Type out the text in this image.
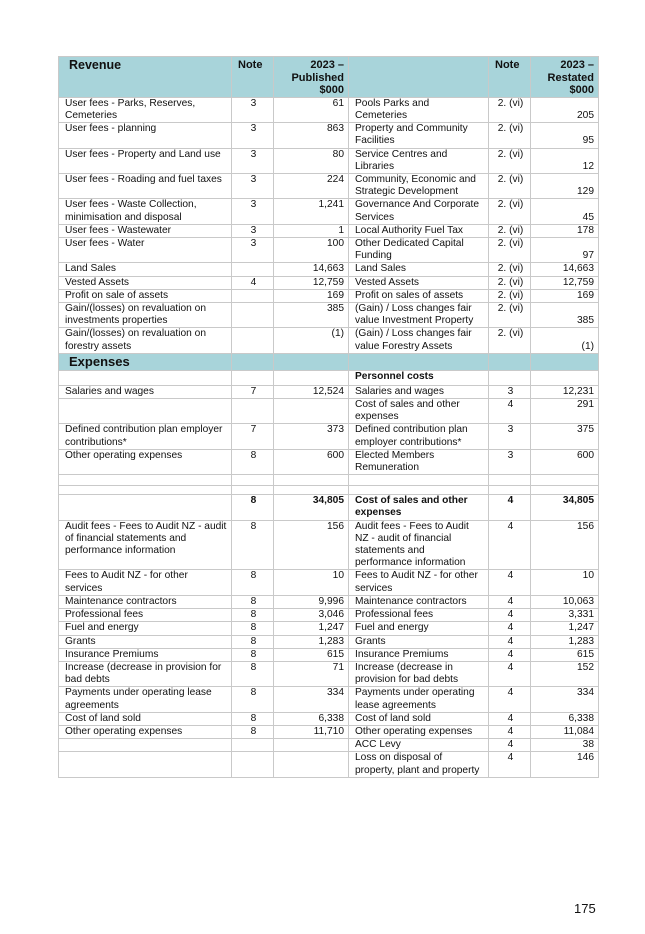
Revenue	Note	2023 – Published $000		Note	2023 – Restated $000
User fees - Parks, Reserves, Cemeteries	3	61	Pools Parks and Cemeteries	2. (vi)	205
User fees - planning	3	863	Property and Community Facilities	2. (vi)	95
User fees - Property and Land use	3	80	Service Centres and Libraries	2. (vi)	12
User fees - Roading and fuel taxes	3	224	Community, Economic and Strategic Development	2. (vi)	129
User fees - Waste Collection, minimisation and disposal	3	1,241	Governance And Corporate Services	2. (vi)	45
User fees - Wastewater	3	1	Local Authority Fuel Tax	2. (vi)	178
User fees - Water	3	100	Other Dedicated Capital Funding	2. (vi)	97
Land Sales		14,663	Land Sales	2. (vi)	14,663
Vested Assets	4	12,759	Vested Assets	2. (vi)	12,759
Profit on sale of assets		169	Profit on sales of assets	2. (vi)	169
Gain/(losses) on revaluation on investments properties		385	(Gain) / Loss changes fair value Investment Property	2. (vi)	385
Gain/(losses) on revaluation on forestry assets		(1)	(Gain) / Loss changes fair value Forestry Assets	2. (vi)	(1)
Expenses					
			Personnel costs		
Salaries and wages	7	12,524	Salaries and wages	3	12,231
			Cost of sales and other expenses	4	291
Defined contribution plan employer contributions*	7	373	Defined contribution plan employer contributions*	3	375
Other operating expenses	8	600	Elected Members Remuneration	3	600

	8	34,805	Cost of sales and other expenses	4	34,805
Audit fees - Fees to Audit NZ - audit of financial statements and performance information	8	156	Audit fees - Fees to Audit NZ - audit of financial statements and performance information	4	156
Fees to Audit NZ - for other services	8	10	Fees to Audit NZ - for other services	4	10
Maintenance contractors	8	9,996	Maintenance contractors	4	10,063
Professional fees	8	3,046	Professional fees	4	3,331
Fuel and energy	8	1,247	Fuel and energy	4	1,247
Grants	8	1,283	Grants	4	1,283
Insurance Premiums	8	615	Insurance Premiums	4	615
Increase (decrease in provision for bad debts	8	71	Increase (decrease in provision for bad debts	4	152
Payments under operating lease agreements	8	334	Payments under operating lease agreements	4	334
Cost of land sold	8	6,338	Cost of land sold	4	6,338
Other operating expenses	8	11,710	Other operating expenses	4	11,084
			ACC Levy	4	38
			Loss on disposal of property, plant and property	4	146
175
